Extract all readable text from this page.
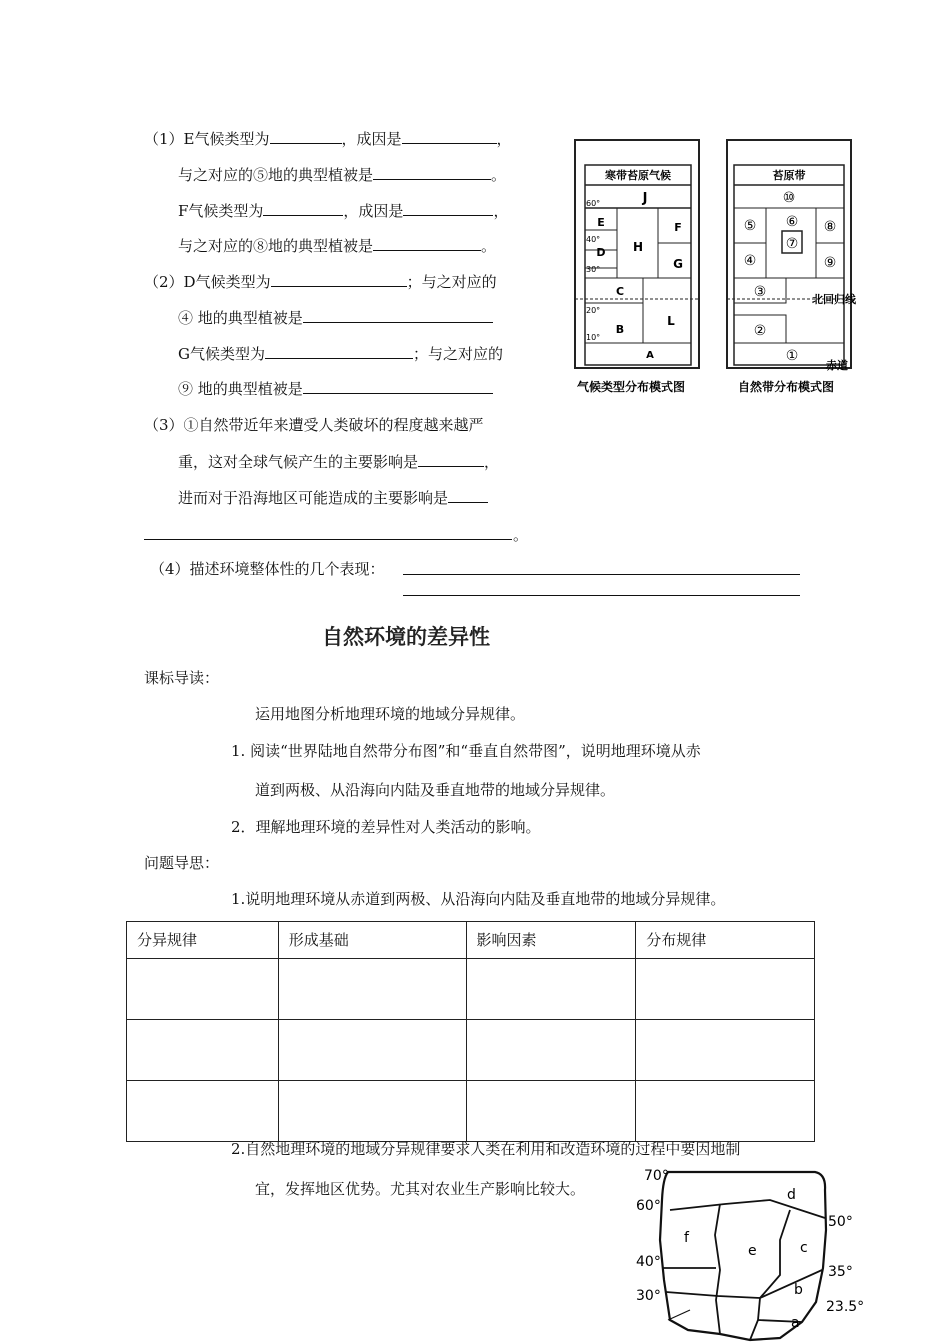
（1）E气候类型为	，成因是	，
与之对应的⑤地的典型植被是	。
F气候类型为	，成因是	，
与之对应的⑧地的典型植被是	。
（2）D气候类型为	；与之对应的
④ 地的典型植被是
G气候类型为	；与之对应的
⑨ 地的典型植被是
（3）①自然带近年来遭受人类破坏的程度越来越严
重，这对全球气候产生的主要影响是	，
进而对于沿海地区可能造成的主要影响是
。
（4）描述环境整体性的几个表现：
寒带苔原气候
J
E
D H
F
G
C
B
L
A
60°
40°
30°
20°
10°
气候类型分布模式图
苔原带
⑩
⑤ ⑥
⑦
⑧
④	⑨
③
②
①
北回归线
赤道
自然带分布模式图
自然环境的差异性
课标导读：
运用地图分析地理环境的地域分异规律。
1. 阅读“世界陆地自然带分布图”和“垂直自然带图”，说明地理环境从赤
道到两极、从沿海向内陆及垂直地带的地域分异规律。
2．理解地理环境的差异性对人类活动的影响。
问题导思：
1.说明地理环境从赤道到两极、从沿海向内陆及垂直地带的地域分异规律。
分异规律	形成基础	影响因素	分布规律

2.自然地理环境的地域分异规律要求人类在利用和改造环境的过程中要因地制
宜，发挥地区优势。尤其对农业生产影响比较大。
70°
60°
40°
30°
50°
35°
23.5°
d
f
e	c
b
a
